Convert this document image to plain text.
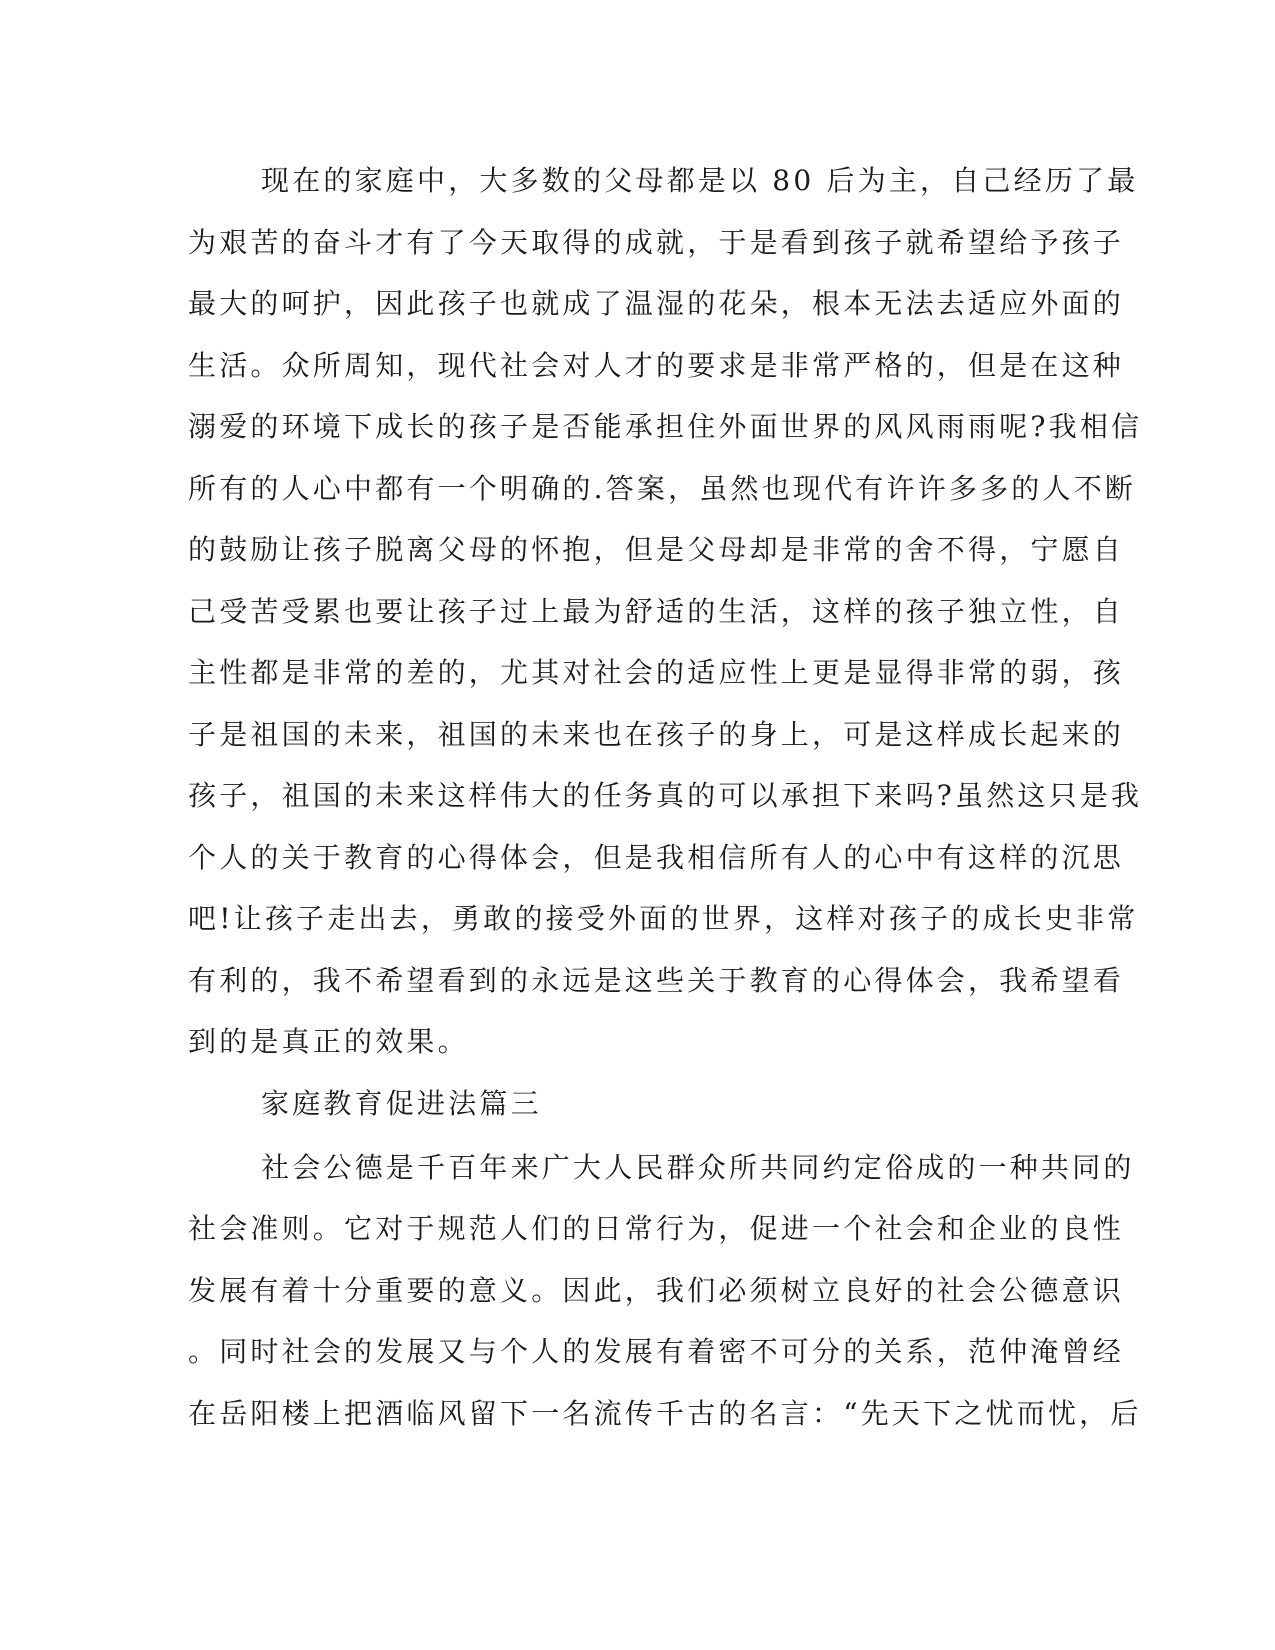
现在的家庭中，大多数的父母都是以 80 后为主，自己经历了最
为艰苦的奋斗才有了今天取得的成就，于是看到孩子就希望给予孩子
最大的呵护，因此孩子也就成了温湿的花朵，根本无法去适应外面的
生活。众所周知，现代社会对人才的要求是非常严格的，但是在这种
溺爱的环境下成长的孩子是否能承担住外面世界的风风雨雨呢?我相信
所有的人心中都有一个明确的.答案，虽然也现代有许许多多的人不断
的鼓励让孩子脱离父母的怀抱，但是父母却是非常的舍不得，宁愿自
己受苦受累也要让孩子过上最为舒适的生活，这样的孩子独立性，自
主性都是非常的差的，尤其对社会的适应性上更是显得非常的弱，孩
子是祖国的未来，祖国的未来也在孩子的身上，可是这样成长起来的
孩子，祖国的未来这样伟大的任务真的可以承担下来吗?虽然这只是我
个人的关于教育的心得体会，但是我相信所有人的心中有这样的沉思
吧!让孩子走出去，勇敢的接受外面的世界，这样对孩子的成长史非常
有利的，我不希望看到的永远是这些关于教育的心得体会，我希望看
到的是真正的效果。
家庭教育促进法篇三
社会公德是千百年来广大人民群众所共同约定俗成的一种共同的
社会准则。它对于规范人们的日常行为，促进一个社会和企业的良性
发展有着十分重要的意义。因此，我们必须树立良好的社会公德意识
。同时社会的发展又与个人的发展有着密不可分的关系，范仲淹曾经
在岳阳楼上把酒临风留下一名流传千古的名言：“先天下之忧而忧，后
